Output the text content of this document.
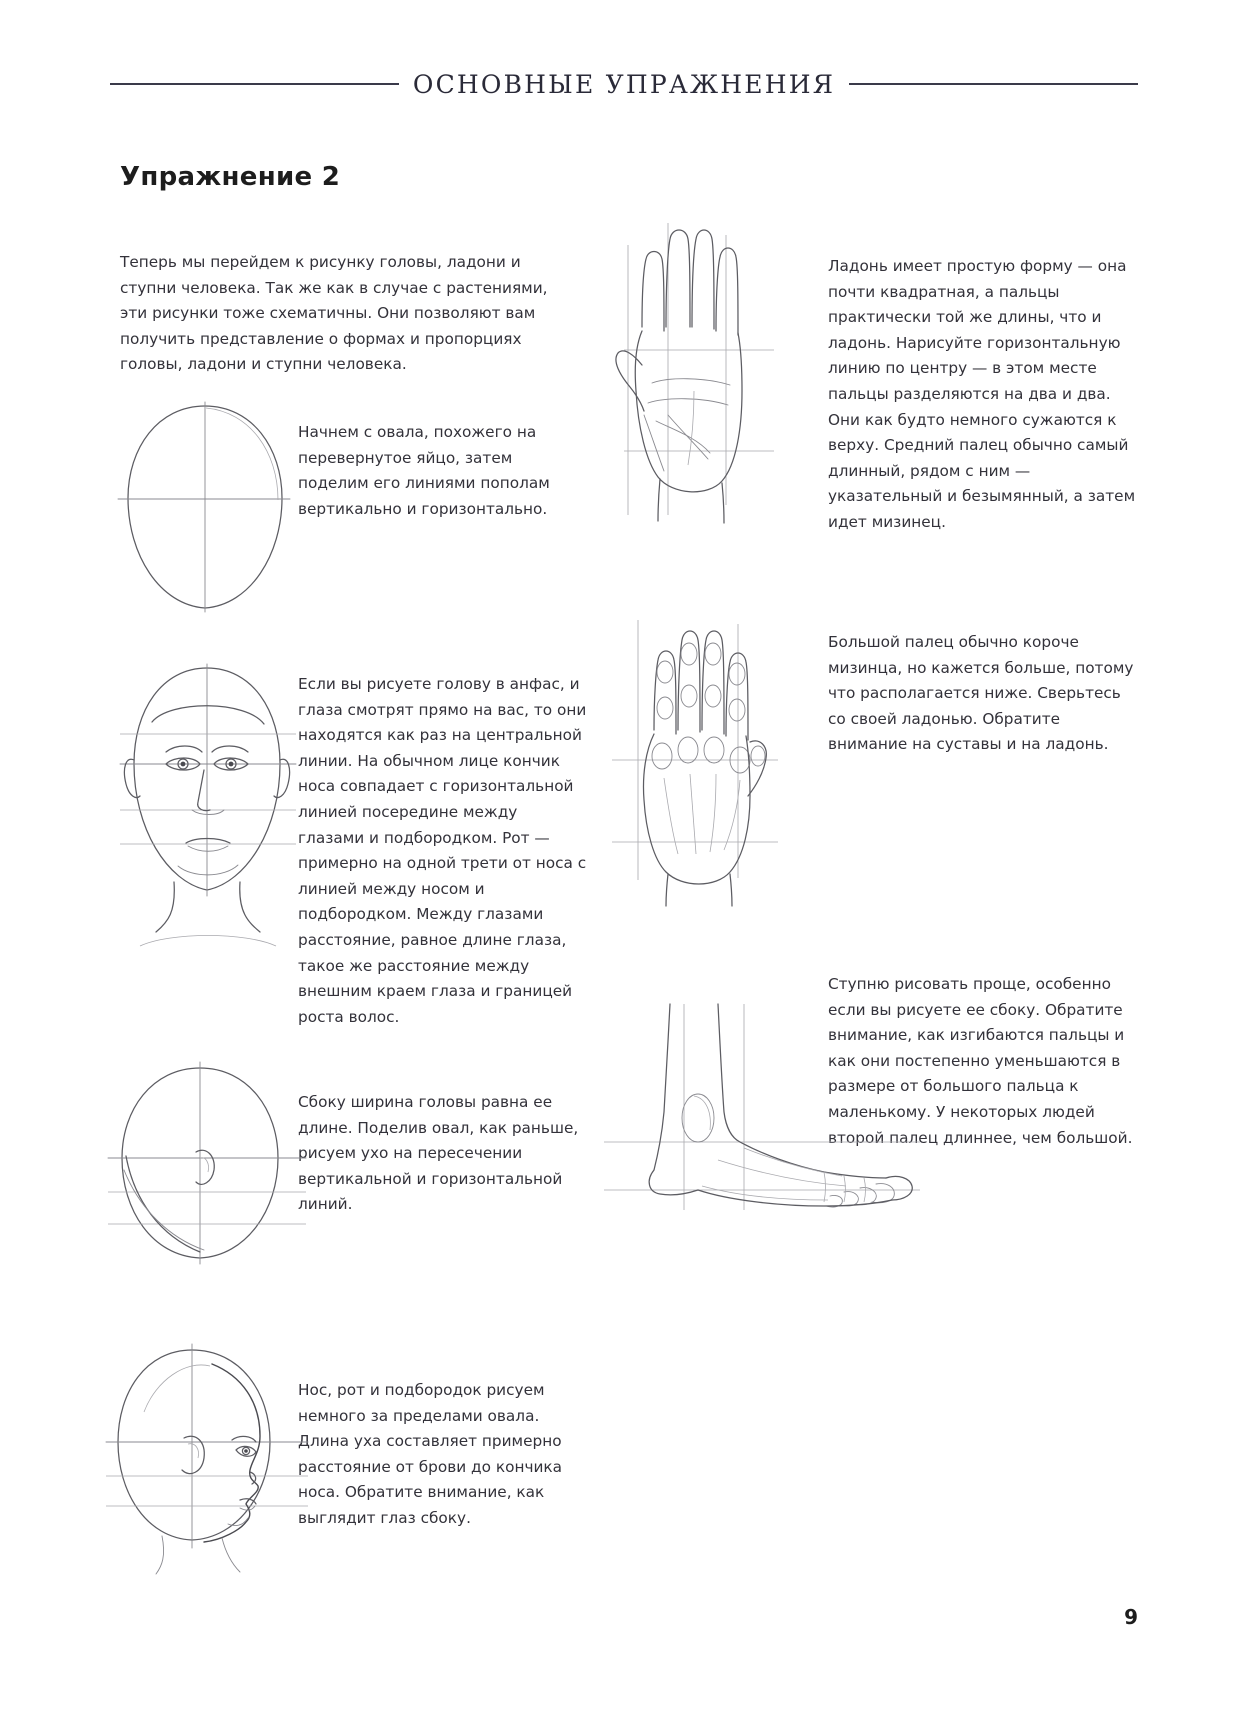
ОСНОВНЫЕ УПРАЖНЕНИЯ
Упражнение 2
Теперь мы перейдем к рисунку головы, ладони и ступни человека. Так же как в случае с растениями, эти рисунки тоже схематичны. Они позволяют вам получить представление о формах и пропорциях головы, ладони и ступни человека.
Начнем с овала, похожего на перевернутое яйцо, затем поделим его линиями пополам вертикально и горизонтально.
Если вы рисуете голову в анфас, и глаза смотрят прямо на вас, то они находятся как раз на центральной линии. На обычном лице кончик носа совпадает с горизонтальной линией посередине между глазами и подбородком. Рот — примерно на одной трети от носа с линией между носом и подбородком. Между глазами расстояние, равное длине глаза, такое же расстояние между внешним краем глаза и границей роста волос.
Сбоку ширина головы равна ее длине. Поделив овал, как раньше, рисуем ухо на пересечении вертикальной и горизонтальной линий.
Нос, рот и подбородок рисуем немного за пределами овала. Длина уха составляет примерно расстояние от брови до кончика носа. Обратите внимание, как выглядит глаз сбоку.
Ладонь имеет простую форму — она почти квадратная, а пальцы практически той же длины, что и ладонь. Нарисуйте горизонтальную линию по центру — в этом месте пальцы разделяются на два и два. Они как будто немного сужаются к верху. Средний палец обычно самый длинный, рядом с ним — указательный и безымянный, а затем идет мизинец.
Большой палец обычно короче мизинца, но кажется больше, потому что располагается ниже. Сверьтесь со своей ладонью. Обратите внимание на суставы и на ладонь.
Ступню рисовать проще, особенно если вы рисуете ее сбоку. Обратите внимание, как изгибаются пальцы и как они постепенно уменьшаются в размере от большого пальца к маленькому. У некоторых людей второй палец длиннее, чем большой.
9
